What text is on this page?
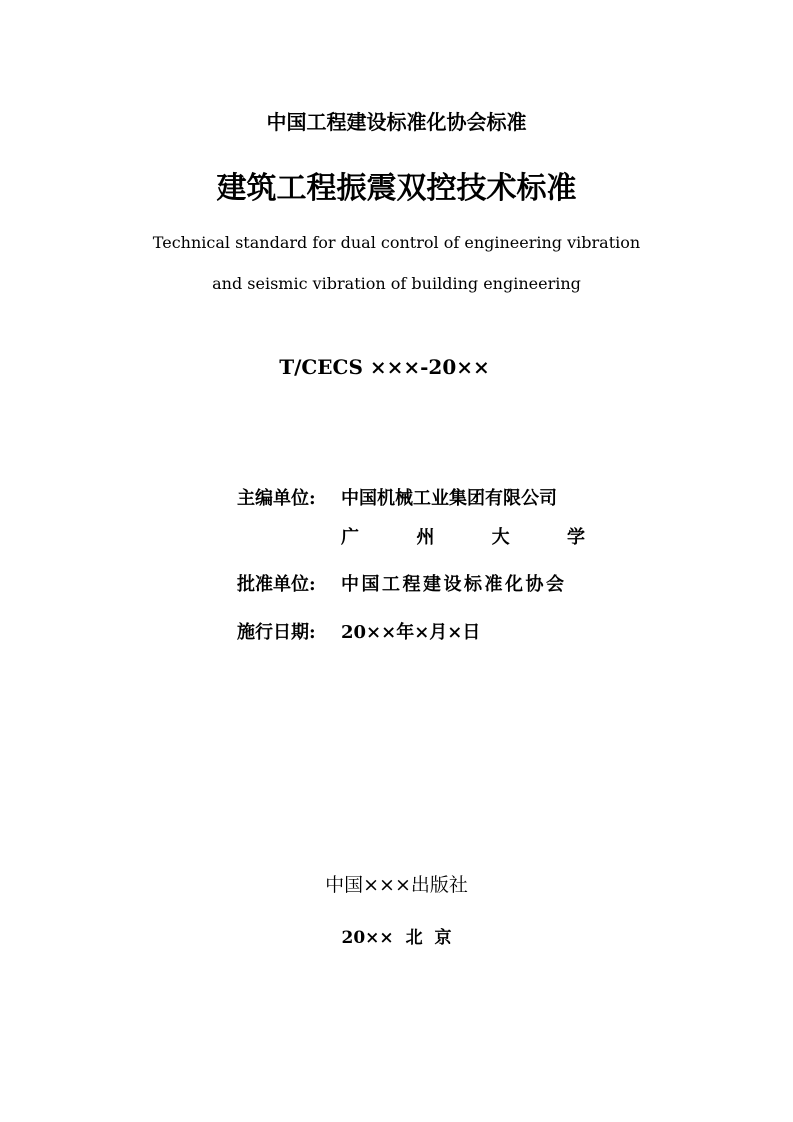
中国工程建设标准化协会标准
建筑工程振震双控技术标准
Technical standard for dual control of engineering vibration
and seismic vibration of building engineering
T/CECS ×××-20××
主编单位: 中国机械工业集团有限公司
广	州	大	学
批准单位: 中国工程建设标准化协会
施行日期: 20××年×月×日
中国×××出版社
20×× 北 京
